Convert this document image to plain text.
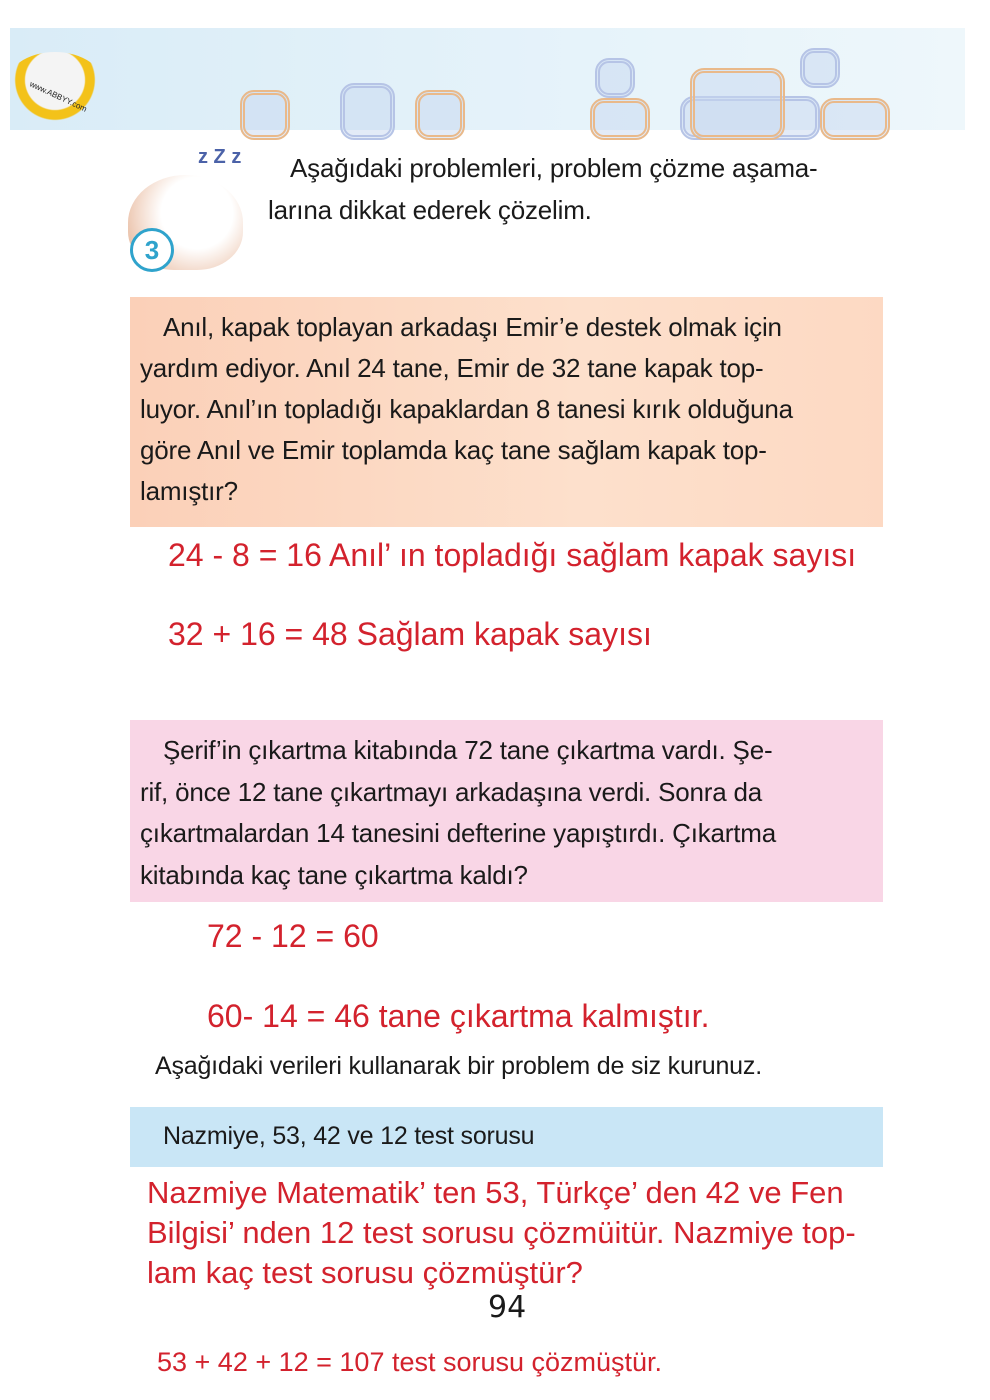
www.ABBYY.com
z Z z
3
Aşağıdaki problemleri, problem çözme aşama-
larına dikkat ederek çözelim.
Anıl, kapak toplayan arkadaşı Emir’e destek olmak için
yardım ediyor. Anıl 24 tane, Emir de 32 tane kapak top-
luyor. Anıl’ın topladığı kapaklardan 8 tanesi kırık olduğuna
göre Anıl ve Emir toplamda kaç tane sağlam kapak top-
lamıştır?
24 - 8 = 16 Anıl’ ın topladığı sağlam kapak sayısı
32 + 16 = 48 Sağlam kapak sayısı
Şerif’in çıkartma kitabında 72 tane çıkartma vardı. Şe-
rif, önce 12 tane çıkartmayı arkadaşına verdi. Sonra da
çıkartmalardan 14 tanesini defterine yapıştırdı. Çıkartma
kitabında kaç tane çıkartma kaldı?
72 - 12 = 60
60- 14 = 46 tane çıkartma kalmıştır.
Aşağıdaki verileri kullanarak bir problem de siz kurunuz.
Nazmiye, 53, 42 ve 12 test sorusu
Nazmiye Matematik’ ten 53, Türkçe’ den 42 ve Fen
Bilgisi’ nden 12 test sorusu çözmüitür. Nazmiye top-
lam kaç test sorusu çözmüştür?
94
53 + 42 + 12 = 107 test sorusu çözmüştür.
